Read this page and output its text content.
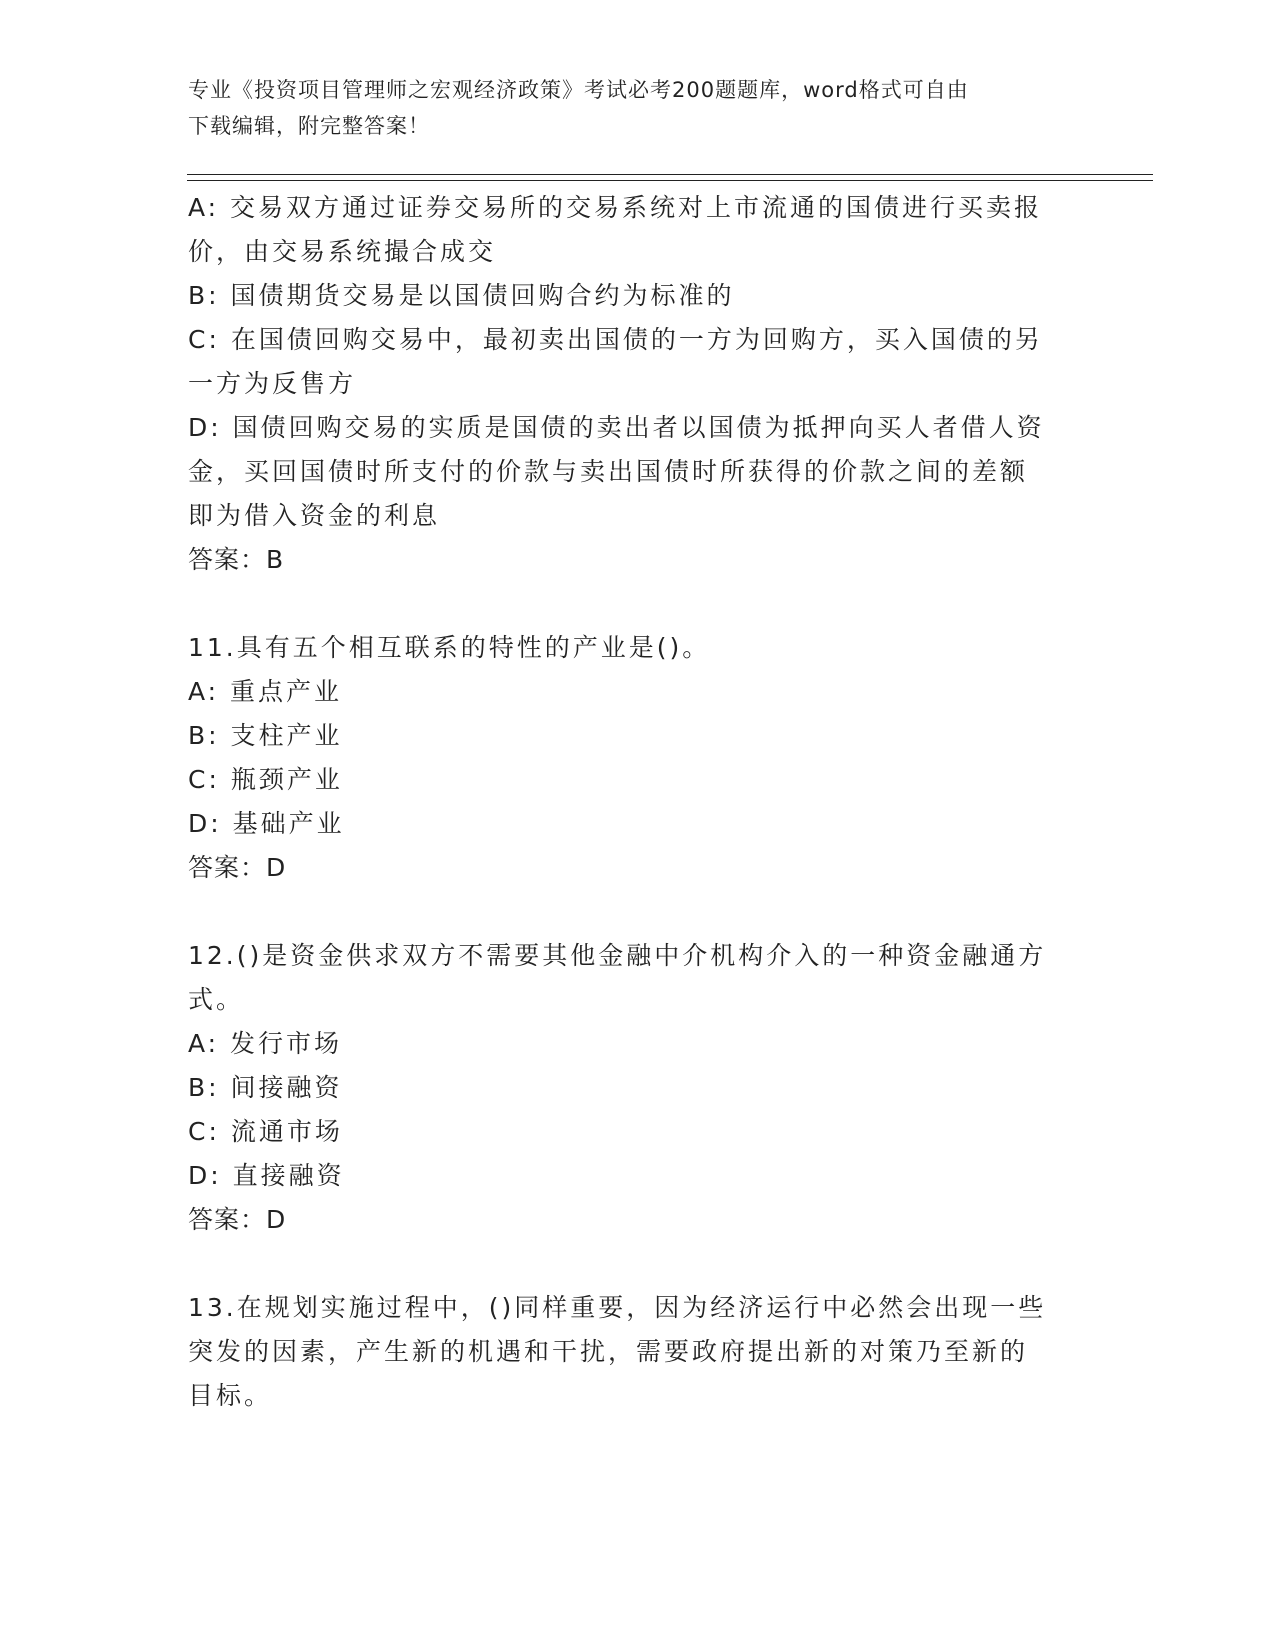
专业《投资项目管理师之宏观经济政策》考试必考200题题库，word格式可自由
下载编辑，附完整答案！
A: 交易双方通过证券交易所的交易系统对上市流通的国债进行买卖报
价，由交易系统撮合成交
B: 国债期货交易是以国债回购合约为标准的
C: 在国债回购交易中，最初卖出国债的一方为回购方，买入国债的另
一方为反售方
D: 国债回购交易的实质是国债的卖出者以国债为抵押向买人者借人资
金，买回国债时所支付的价款与卖出国债时所获得的价款之间的差额
即为借入资金的利息
答案：B
11.具有五个相互联系的特性的产业是()。
A: 重点产业
B: 支柱产业
C: 瓶颈产业
D: 基础产业
答案：D
12.()是资金供求双方不需要其他金融中介机构介入的一种资金融通方
式。
A: 发行市场
B: 间接融资
C: 流通市场
D: 直接融资
答案：D
13.在规划实施过程中，()同样重要，因为经济运行中必然会出现一些
突发的因素，产生新的机遇和干扰，需要政府提出新的对策乃至新的
目标。
